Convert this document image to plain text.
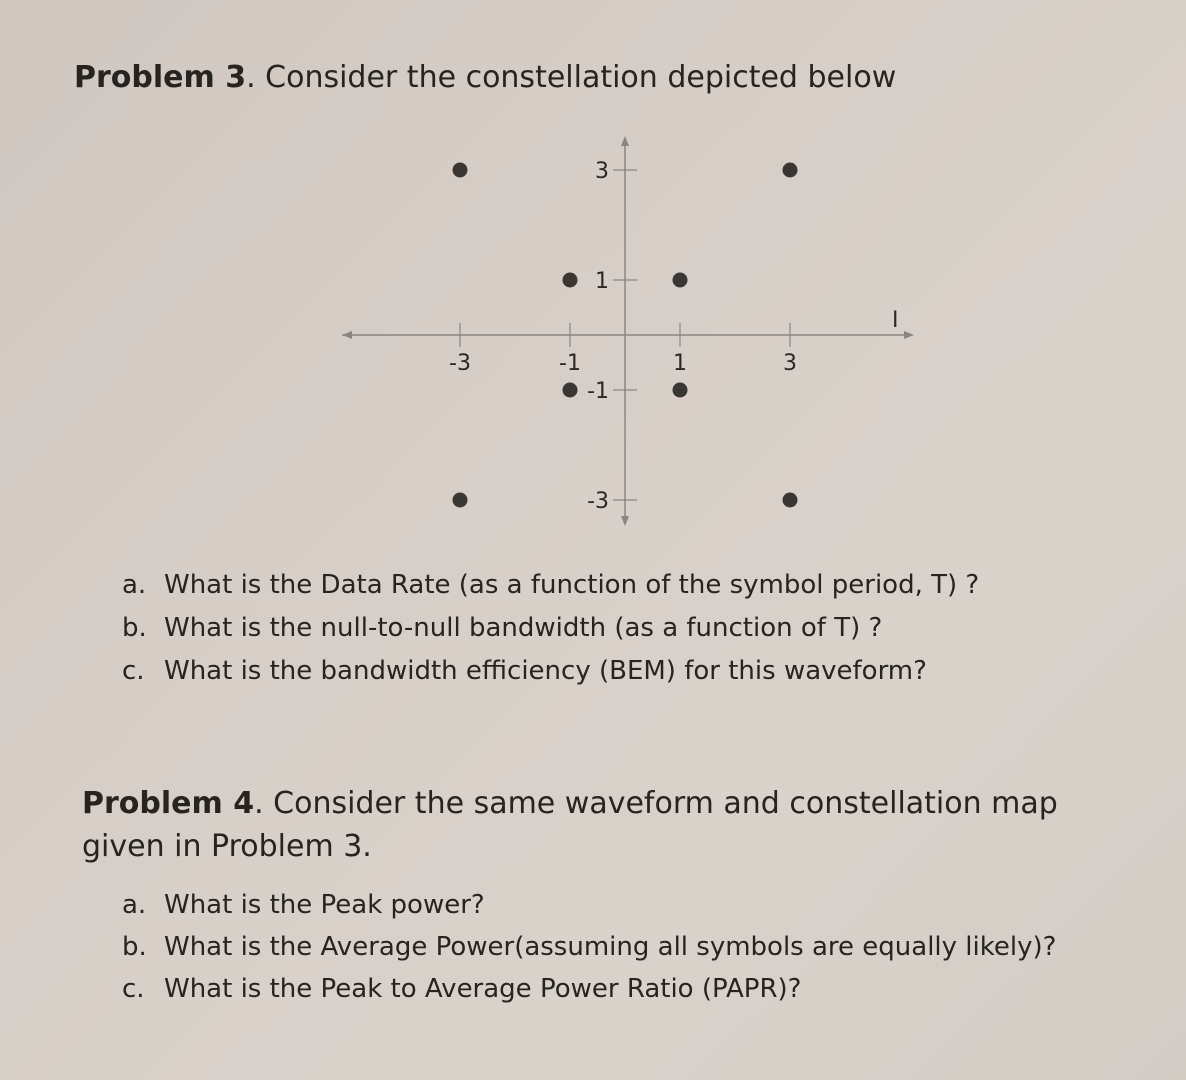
Problem 3. Consider the constellation depicted below
I
-3	-1	1	3
3
1
-1
-3
a. What is the Data Rate (as a function of the symbol period, T) ?
b. What is the null-to-null bandwidth (as a function of T) ?
c. What is the bandwidth efficiency (BEM) for this waveform?
Problem 4. Consider the same waveform and constellation map given in Problem 3.
a. What is the Peak power?
b. What is the Average Power(assuming all symbols are equally likely)?
c. What is the Peak to Average Power Ratio (PAPR)?
